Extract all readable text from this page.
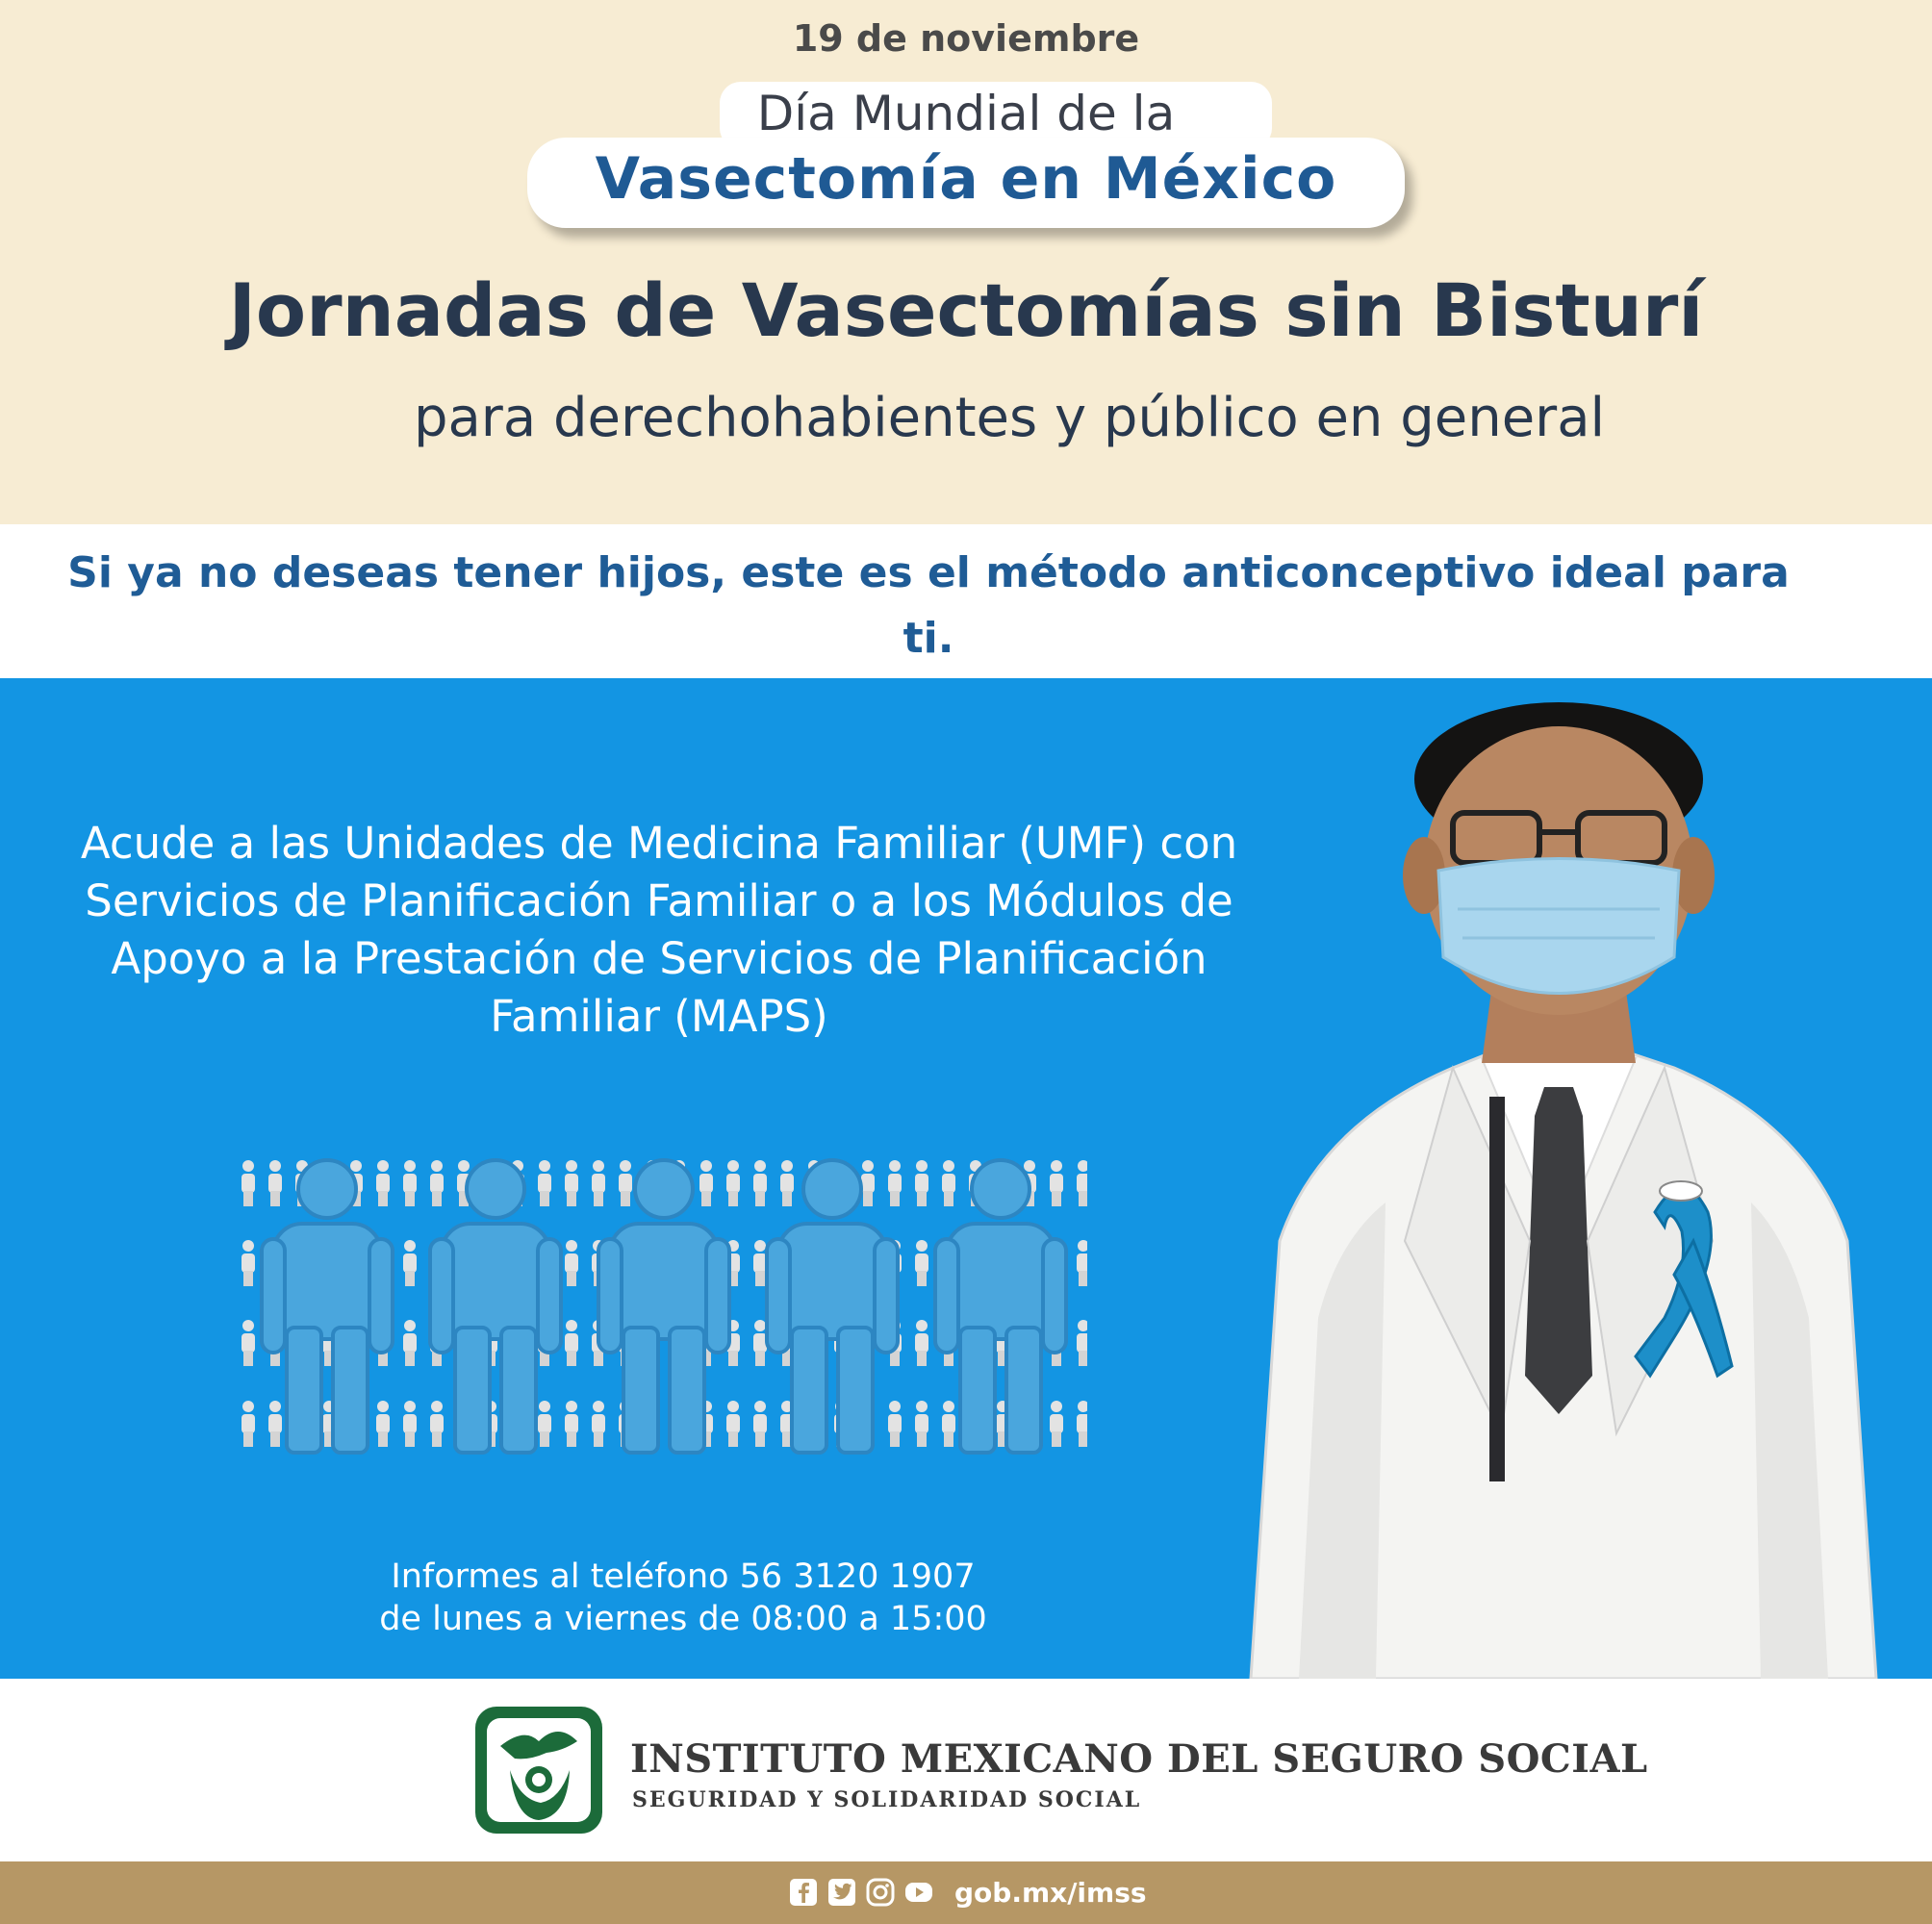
19 de noviembre
Día Mundial de la
Vasectomía en México
Jornadas de Vasectomías sin Bisturí
para derechohabientes y público en general
Si ya no deseas tener hijos, este es el método anticonceptivo ideal para ti.
Acude a las Unidades de Medicina Familiar (UMF) con Servicios de Planificación Familiar o a los Módulos de Apoyo a la Prestación de Servicios de Planificación Familiar (MAPS)
Informes al teléfono 56 3120 1907
de lunes a viernes de 08:00 a 15:00
INSTITUTO MEXICANO DEL SEGURO SOCIAL
SEGURIDAD Y SOLIDARIDAD SOCIAL
gob.mx/imss
